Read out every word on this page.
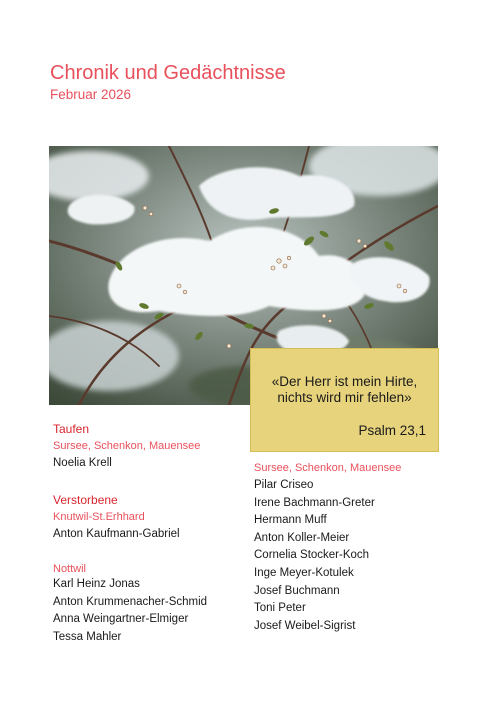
Chronik und Gedächtnisse
Februar 2026
«Der Herr ist mein Hirte,
nichts wird mir fehlen»
Psalm 23,1
Taufen
Sursee, Schenkon, Mauensee
Noelia Krell
Verstorbene
Knutwil-St.Erhhard
Anton Kaufmann-Gabriel
Nottwil
Karl Heinz Jonas
Anton Krummenacher-Schmid
Anna Weingartner-Elmiger
Tessa Mahler
Sursee, Schenkon, Mauensee
Pilar Criseo
Irene Bachmann-Greter
Hermann Muff
Anton Koller-Meier
Cornelia Stocker-Koch
Inge Meyer-Kotulek
Josef Buchmann
Toni Peter
Josef Weibel-Sigrist
